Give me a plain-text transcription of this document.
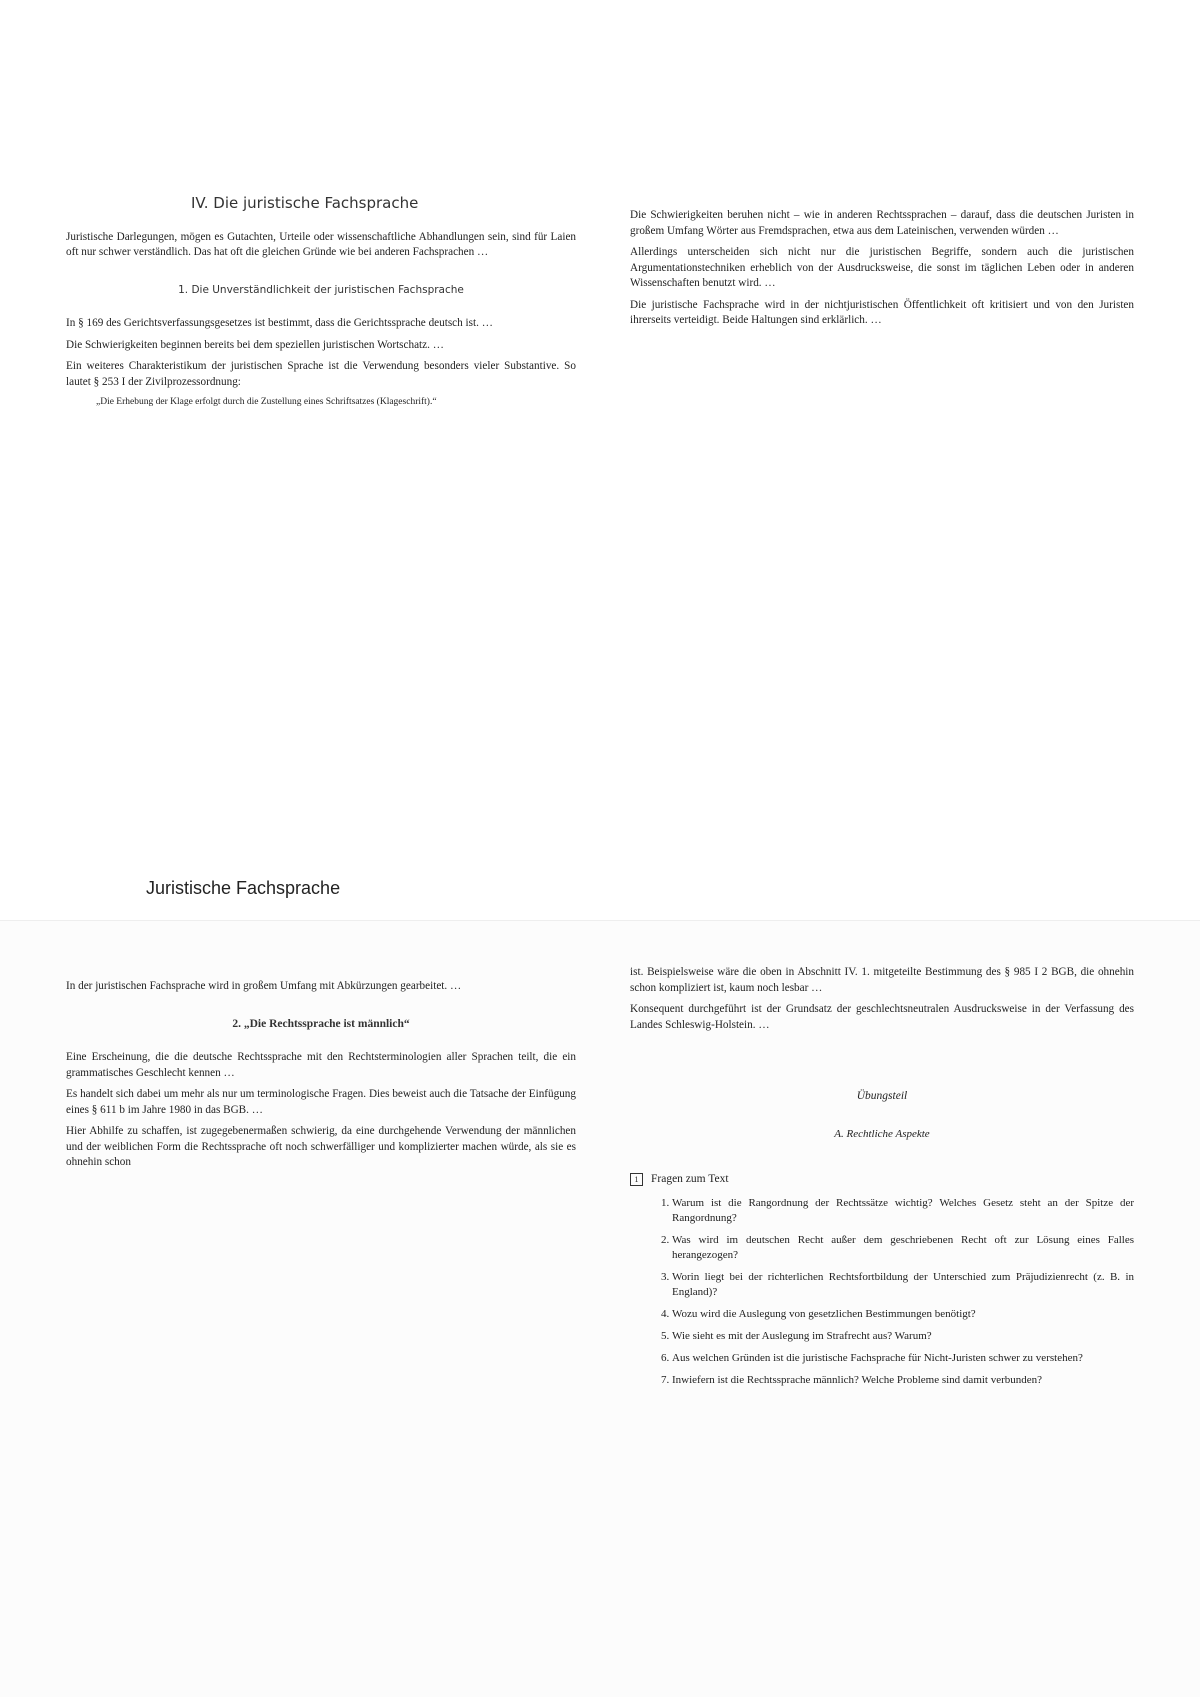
IV. Die juristische Fachsprache

Juristische Darlegungen, mögen es Gutachten, Urteile oder wissenschaftliche Abhandlungen sein, sind für Laien oft nur schwer verständlich. Das hat oft die gleichen Gründe wie bei anderen Fachsprachen …

1. Die Unverständlichkeit der juristischen Fachsprache

In § 169 des Gerichtsverfassungsgesetzes ist bestimmt, dass die Gerichtssprache deutsch ist. …

Die Schwierigkeiten beginnen bereits bei dem speziellen juristischen Wortschatz. …

Ein weiteres Charakteristikum der juristischen Sprache ist die Verwendung besonders vieler Substantive. So lautet § 253 I der Zivilprozessordnung:

„Die Erhebung der Klage erfolgt durch die Zustellung eines Schriftsatzes (Klageschrift).“

Die Schwierigkeiten beruhen nicht – wie in anderen Rechtssprachen – darauf, dass die deutschen Juristen in großem Umfang Wörter aus Fremdsprachen, etwa aus dem Lateinischen, verwenden würden …

Allerdings unterscheiden sich nicht nur die juristischen Begriffe, sondern auch die juristischen Argumentationstechniken erheblich von der Ausdrucksweise, die sonst im täglichen Leben oder in anderen Wissenschaften benutzt wird. …

Die juristische Fachsprache wird in der nichtjuristischen Öffentlichkeit oft kritisiert und von den Juristen ihrerseits verteidigt. Beide Haltungen sind erklärlich. …

Juristische Fachsprache

In der juristischen Fachsprache wird in großem Umfang mit Abkürzungen gearbeitet. …

2. „Die Rechtssprache ist männlich“

Eine Erscheinung, die die deutsche Rechtssprache mit den Rechtsterminologien aller Sprachen teilt, die ein grammatisches Geschlecht kennen …

Es handelt sich dabei um mehr als nur um terminologische Fragen. Dies beweist auch die Tatsache der Einfügung eines § 611 b im Jahre 1980 in das BGB. …

Hier Abhilfe zu schaffen, ist zugegebenermaßen schwierig, da eine durchgehende Verwendung der männlichen und der weiblichen Form die Rechtssprache oft noch schwerfälliger und komplizierter machen würde, als sie es ohnehin schon

ist. Beispielsweise wäre die oben in Abschnitt IV. 1. mitgeteilte Bestimmung des § 985 I 2 BGB, die ohnehin schon kompliziert ist, kaum noch lesbar …

Konsequent durchgeführt ist der Grundsatz der geschlechtsneutralen Ausdrucksweise in der Verfassung des Landes Schleswig-Holstein. …

Übungsteil
A. Rechtliche Aspekte
1 Fragen zum Text
1. Warum ist die Rangordnung der Rechtssätze wichtig? Welches Gesetz steht an der Spitze der Rangordnung?
2. Was wird im deutschen Recht außer dem geschriebenen Recht oft zur Lösung eines Falles herangezogen?
3. Worin liegt bei der richterlichen Rechtsfortbildung der Unterschied zum Präjudizienrecht (z. B. in England)?
4. Wozu wird die Auslegung von gesetzlichen Bestimmungen benötigt?
5. Wie sieht es mit der Auslegung im Strafrecht aus? Warum?
6. Aus welchen Gründen ist die juristische Fachsprache für Nicht-Juristen schwer zu verstehen?
7. Inwiefern ist die Rechtssprache männlich? Welche Probleme sind damit verbunden?
